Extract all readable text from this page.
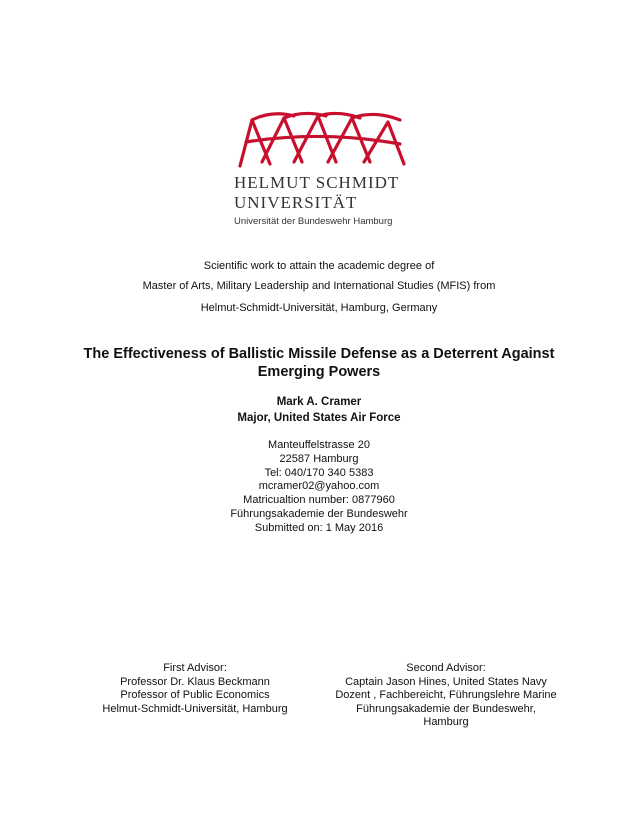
HELMUT SCHMIDT
UNIVERSITÄT
Universität der Bundeswehr Hamburg
Scientific work to attain the academic degree of
Master of Arts, Military Leadership and International Studies (MFIS) from
Helmut-Schmidt-Universität, Hamburg, Germany
The Effectiveness of Ballistic Missile Defense as a Deterrent Against
Emerging Powers
Mark A. Cramer
Major, United States Air Force
Manteuffelstrasse 20
22587 Hamburg
Tel: 040/170 340 5383
mcramer02@yahoo.com
Matricualtion number: 0877960
Führungsakademie der Bundeswehr
Submitted on: 1 May 2016
First Advisor:
Professor Dr. Klaus Beckmann
Professor of Public Economics
Helmut-Schmidt-Universität, Hamburg
Second Advisor:
Captain Jason Hines, United States Navy
Dozent , Fachbereicht, Führungslehre Marine
Führungsakademie der Bundeswehr,
Hamburg
